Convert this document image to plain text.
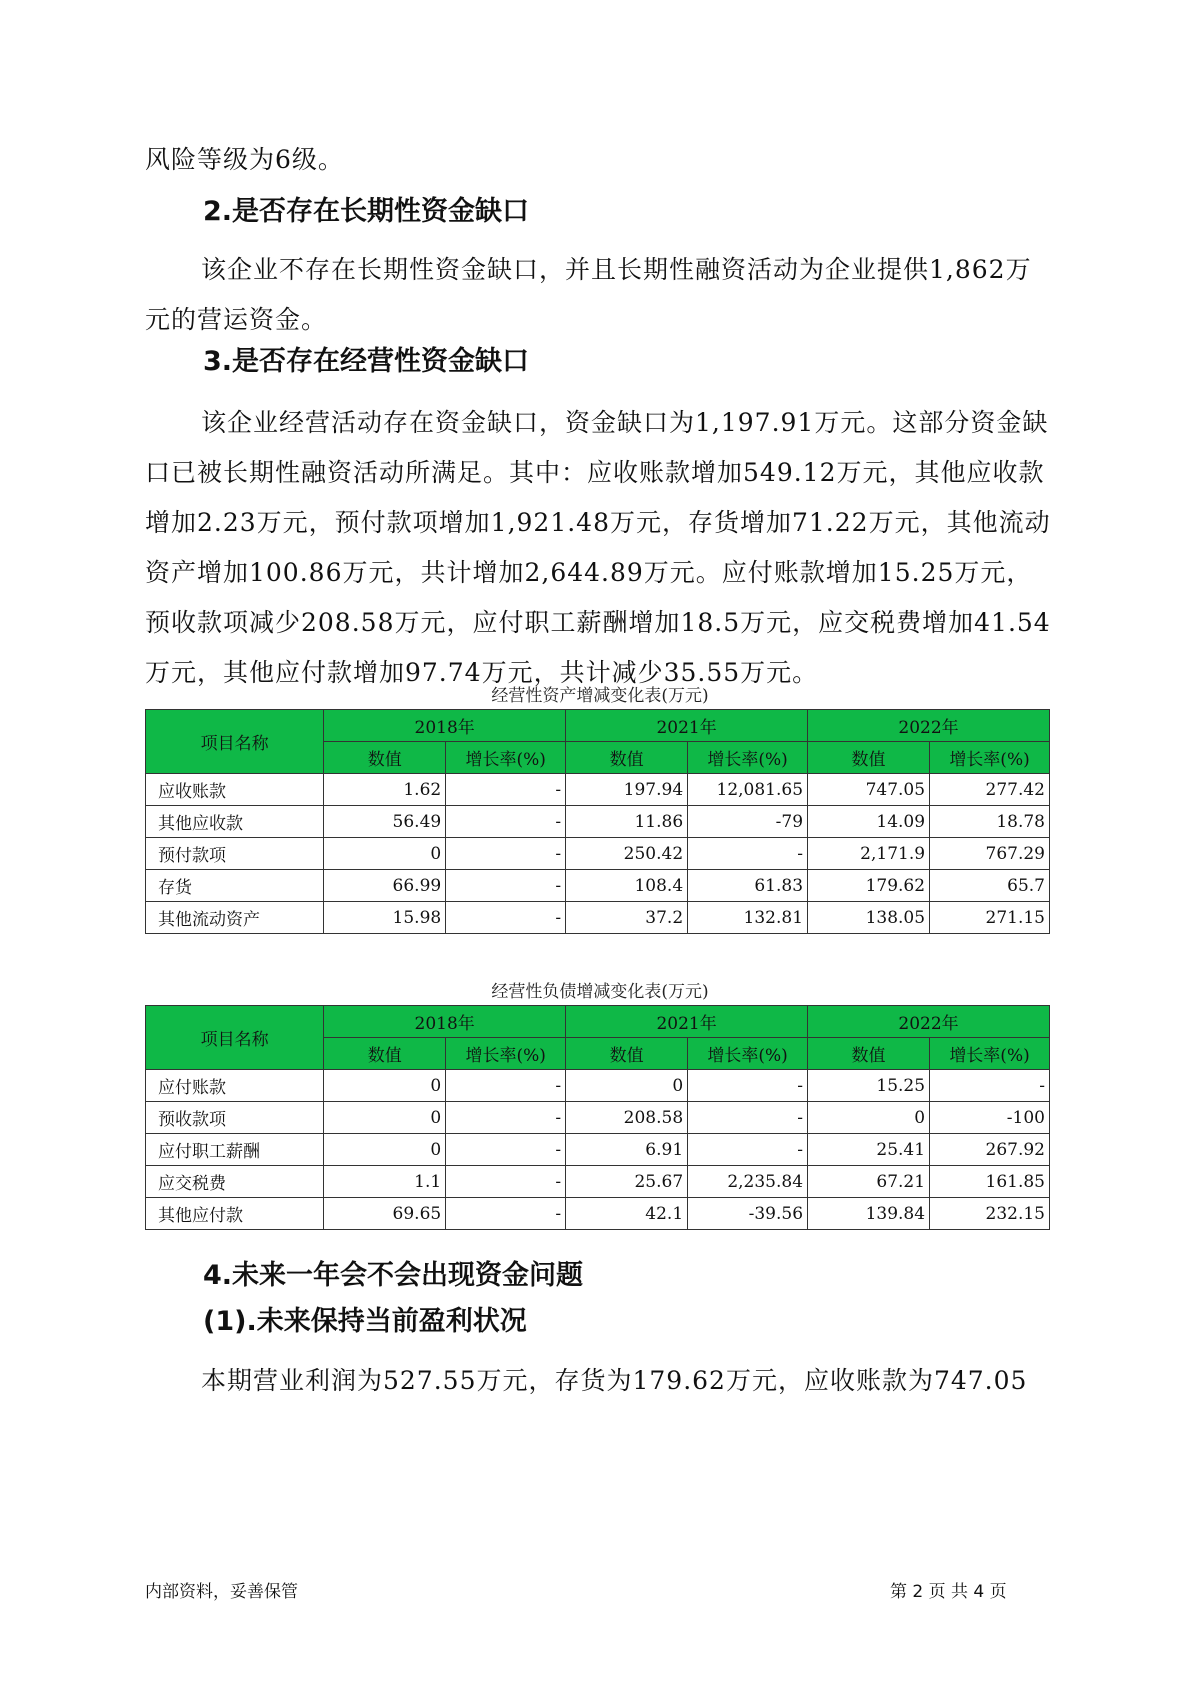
风险等级为6级。

2.是否存在长期性资金缺口

该企业不存在长期性资金缺口，并且长期性融资活动为企业提供1,862万元的营运资金。

3.是否存在经营性资金缺口

该企业经营活动存在资金缺口，资金缺口为1,197.91万元。这部分资金缺口已被长期性融资活动所满足。其中：应收账款增加549.12万元，其他应收款增加2.23万元，预付款项增加1,921.48万元，存货增加71.22万元，其他流动资产增加100.86万元，共计增加2,644.89万元。应付账款增加15.25万元，预收款项减少208.58万元，应付职工薪酬增加18.5万元，应交税费增加41.54万元，其他应付款增加97.74万元，共计减少35.55万元。

经营性资产增减变化表(万元)
项目名称	2018年		2021年		2022年	
	数值	增长率(%)	数值	增长率(%)	数值	增长率(%)
应收账款	1.62	-	197.94	12,081.65	747.05	277.42
其他应收款	56.49	-	11.86	-79	14.09	18.78
预付款项	0	-	250.42	-	2,171.9	767.29
存货	66.99	-	108.4	61.83	179.62	65.7
其他流动资产	15.98	-	37.2	132.81	138.05	271.15
经营性负债增减变化表(万元)
项目名称	2018年		2021年		2022年	
	数值	增长率(%)	数值	增长率(%)	数值	增长率(%)
应付账款	0	-	0	-	15.25	-
预收款项	0	-	208.58	-	0	-100
应付职工薪酬	0	-	6.91	-	25.41	267.92
应交税费	1.1	-	25.67	2,235.84	67.21	161.85
其他应付款	69.65	-	42.1	-39.56	139.84	232.15
4.未来一年会不会出现资金问题
(1).未来保持当前盈利状况

本期营业利润为527.55万元，存货为179.62万元，应收账款为747.05

内部资料，妥善保管	第 2 页 共 4 页
